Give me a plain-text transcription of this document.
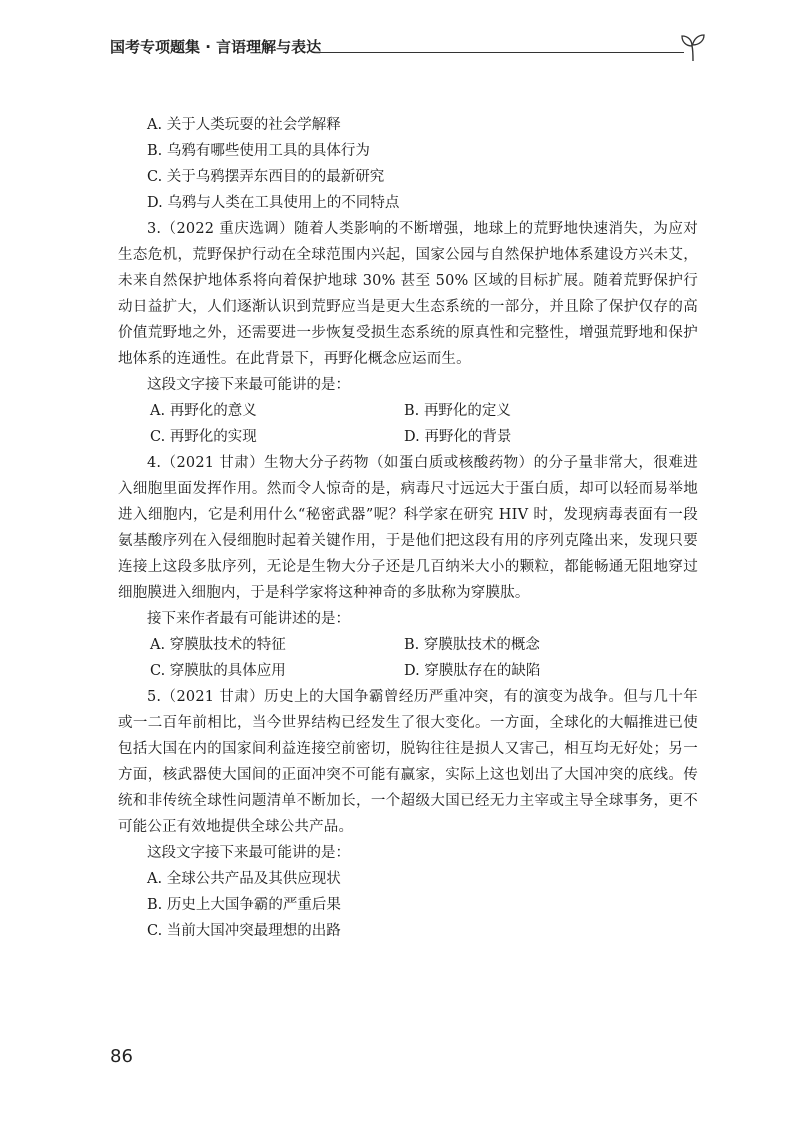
国考专项题集 · 言语理解与表达
A. 关于人类玩耍的社会学解释
B. 乌鸦有哪些使用工具的具体行为
C. 关于乌鸦摆弄东西目的的最新研究
D. 乌鸦与人类在工具使用上的不同特点

3.（2022 重庆选调）随着人类影响的不断增强，地球上的荒野地快速消失，为应对生态危机，荒野保护行动在全球范围内兴起，国家公园与自然保护地体系建设方兴未艾，未来自然保护地体系将向着保护地球 30% 甚至 50% 区域的目标扩展。随着荒野保护行动日益扩大，人们逐渐认识到荒野应当是更大生态系统的一部分，并且除了保护仅存的高价值荒野地之外，还需要进一步恢复受损生态系统的原真性和完整性，增强荒野地和保护地体系的连通性。在此背景下，再野化概念应运而生。

这段文字接下来最可能讲的是：
A. 再野化的意义	B. 再野化的定义
C. 再野化的实现	D. 再野化的背景

4.（2021 甘肃）生物大分子药物（如蛋白质或核酸药物）的分子量非常大，很难进入细胞里面发挥作用。然而令人惊奇的是，病毒尺寸远远大于蛋白质，却可以轻而易举地进入细胞内，它是利用什么“秘密武器”呢？科学家在研究 HIV 时，发现病毒表面有一段氨基酸序列在入侵细胞时起着关键作用，于是他们把这段有用的序列克隆出来，发现只要连接上这段多肽序列，无论是生物大分子还是几百纳米大小的颗粒，都能畅通无阻地穿过细胞膜进入细胞内，于是科学家将这种神奇的多肽称为穿膜肽。

接下来作者最有可能讲述的是：
A. 穿膜肽技术的特征	B. 穿膜肽技术的概念
C. 穿膜肽的具体应用	D. 穿膜肽存在的缺陷

5.（2021 甘肃）历史上的大国争霸曾经历严重冲突，有的演变为战争。但与几十年或一二百年前相比，当今世界结构已经发生了很大变化。一方面，全球化的大幅推进已使包括大国在内的国家间利益连接空前密切，脱钩往往是损人又害己，相互均无好处；另一方面，核武器使大国间的正面冲突不可能有赢家，实际上这也划出了大国冲突的底线。传统和非传统全球性问题清单不断加长，一个超级大国已经无力主宰或主导全球事务，更不可能公正有效地提供全球公共产品。

这段文字接下来最可能讲的是：
A. 全球公共产品及其供应现状
B. 历史上大国争霸的严重后果
C. 当前大国冲突最理想的出路
86
